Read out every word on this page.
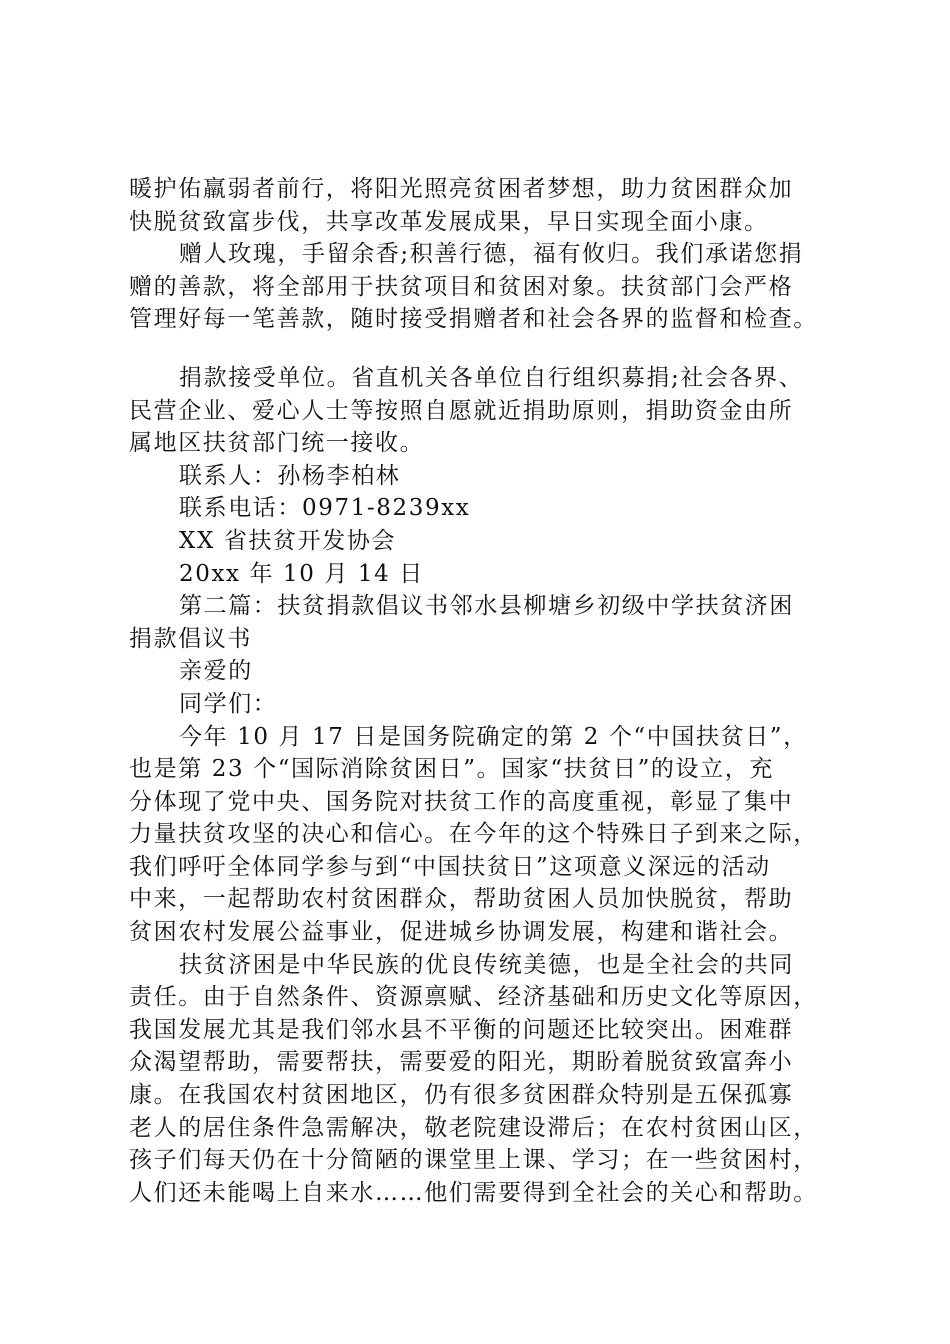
暖护佑羸弱者前行，将阳光照亮贫困者梦想，助力贫困群众加
快脱贫致富步伐，共享改革发展成果，早日实现全面小康。
赠人玫瑰，手留余香;积善行德，福有攸归。我们承诺您捐
赠的善款，将全部用于扶贫项目和贫困对象。扶贫部门会严格
管理好每一笔善款，随时接受捐赠者和社会各界的监督和检查。
捐款接受单位。省直机关各单位自行组织募捐;社会各界、
民营企业、爱心人士等按照自愿就近捐助原则，捐助资金由所
属地区扶贫部门统一接收。
联系人：孙杨李柏林
联系电话：0971-8239xx
XX 省扶贫开发协会
20xx 年 10 月 14 日
第二篇：扶贫捐款倡议书邻水县柳塘乡初级中学扶贫济困
捐款倡议书
亲爱的
同学们：
今年 10 月 17 日是国务院确定的第 2 个“中国扶贫日”，
也是第 23 个“国际消除贫困日”。国家“扶贫日”的设立，充
分体现了党中央、国务院对扶贫工作的高度重视，彰显了集中
力量扶贫攻坚的决心和信心。在今年的这个特殊日子到来之际，
我们呼吁全体同学参与到“中国扶贫日”这项意义深远的活动
中来，一起帮助农村贫困群众，帮助贫困人员加快脱贫，帮助
贫困农村发展公益事业，促进城乡协调发展，构建和谐社会。
扶贫济困是中华民族的优良传统美德，也是全社会的共同
责任。由于自然条件、资源禀赋、经济基础和历史文化等原因，
我国发展尤其是我们邻水县不平衡的问题还比较突出。困难群
众渴望帮助，需要帮扶，需要爱的阳光，期盼着脱贫致富奔小
康。在我国农村贫困地区，仍有很多贫困群众特别是五保孤寡
老人的居住条件急需解决，敬老院建设滞后；在农村贫困山区，
孩子们每天仍在十分简陋的课堂里上课、学习；在一些贫困村，
人们还未能喝上自来水……他们需要得到全社会的关心和帮助。
